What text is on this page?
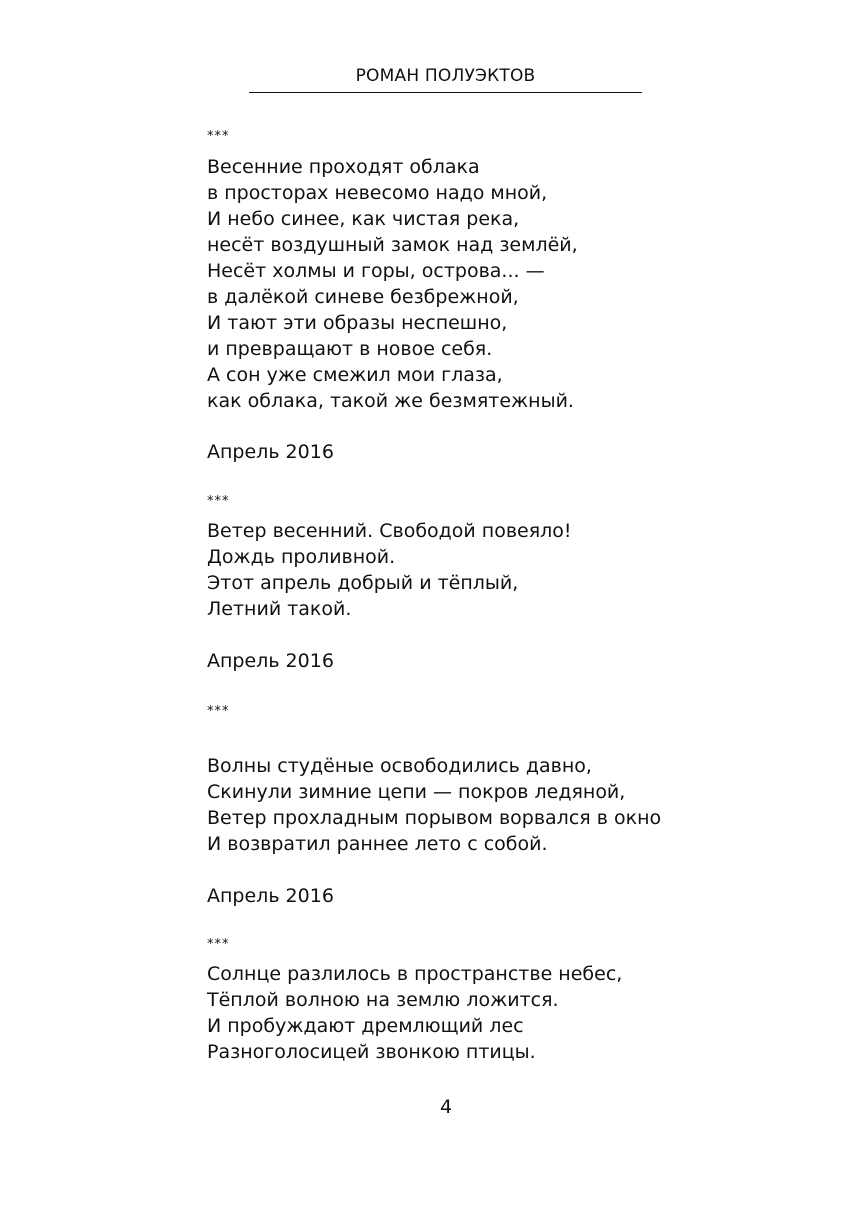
РОМАН ПОЛУЭКТОВ
***
Весенние проходят облака
в просторах невесомо надо мной,
И небо синее, как чистая река,
несёт воздушный замок над землёй,
Несёт холмы и горы, острова... —
в далёкой синеве безбрежной,
И тают эти образы неспешно,
и превращают в новое себя.
А сон уже смежил мои глаза,
как облака, такой же безмятежный.
Апрель 2016
***
Ветер весенний. Свободой повеяло!
Дождь проливной.
Этот апрель добрый и тёплый,
Летний такой.
Апрель 2016
***
Волны студёные освободились давно,
Скинули зимние цепи — покров ледяной,
Ветер прохладным порывом ворвался в окно
И возвратил раннее лето с собой.
Апрель 2016
***
Солнце разлилось в пространстве небес,
Тёплой волною на землю ложится.
И пробуждают дремлющий лес
Разноголосицей звонкою птицы.
4
